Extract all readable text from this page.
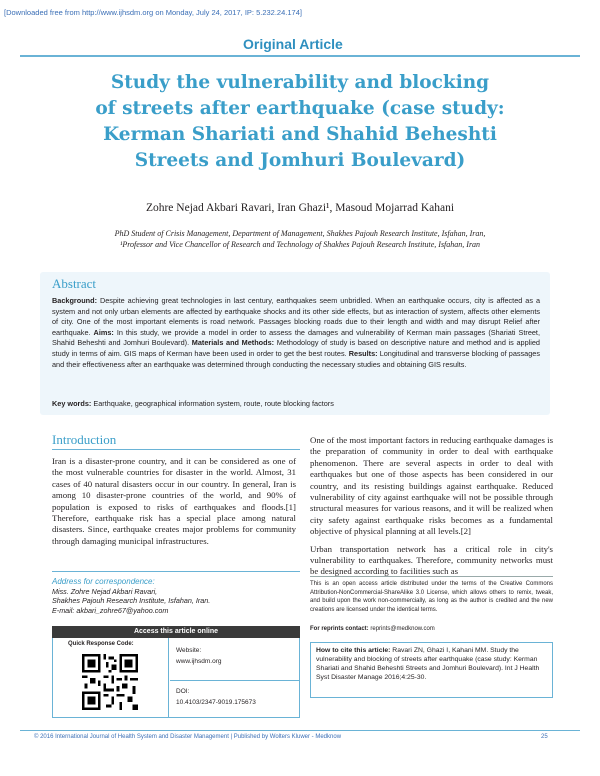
[Downloaded free from http://www.ijhsdm.org on Monday, July 24, 2017, IP: 5.232.24.174]
Original Article
Study the vulnerability and blocking
of streets after earthquake (case study:
Kerman Shariati and Shahid Beheshti
Streets and Jomhuri Boulevard)
Zohre Nejad Akbari Ravari, Iran Ghazi¹, Masoud Mojarrad Kahani
PhD Student of Crisis Management, Department of Management, Shakhes Pajouh Research Institute, Isfahan, Iran,
¹Professor and Vice Chancellor of Research and Technology of Shakhes Pajouh Research Institute, Isfahan, Iran
Abstract
Background: Despite achieving great technologies in last century, earthquakes seem unbridled. When an earthquake occurs, city is affected as a system and not only urban elements are affected by earthquake shocks and its other side effects, but as interaction of system, affects other elements of city. One of the most important elements is road network. Passages blocking roads due to their length and width and may disrupt Relief after earthquake. Aims: In this study, we provide a model in order to assess the damages and vulnerability of Kerman main passages (Shariati Street, Shahid Beheshti and Jomhuri Boulevard). Materials and Methods: Methodology of study is based on descriptive nature and method and is applied study in terms of aim. GIS maps of Kerman have been used in order to get the best routes. Results: Longitudinal and transverse blocking of passages and their effectiveness after an earthquake was determined through conducting the necessary studies and obtaining GIS results.
Key words: Earthquake, geographical information system, route, route blocking factors
Introduction
Iran is a disaster-prone country, and it can be considered as one of the most vulnerable countries for disaster in the world. Almost, 31 cases of 40 natural disasters occur in our country. In general, Iran is among 10 disaster-prone countries of the world, and 90% of population is exposed to risks of earthquakes and floods.[1] Therefore, earthquake risk has a special place among natural disasters. Since, earthquake creates major problems for community through damaging municipal infrastructures.

One of the most important factors in reducing earthquake damages is the preparation of community in order to deal with earthquake phenomenon. There are several aspects in order to deal with earthquakes but one of those aspects has been considered in our country, and its resisting buildings against earthquake. Reduced vulnerability of city against earthquake will not be possible through structural measures for various reasons, and it will be realized when city safety against earthquake risks becomes as a fundamental objective of physical planning at all levels.[2]

Urban transportation network has a critical role in city's vulnerability to earthquakes. Therefore, community networks must be designed according to facilities such as

Address for correspondence:
Miss. Zohre Nejad Akbari Ravari,
Shakhes Pajouh Research Institute, Isfahan, Iran.
E-mail: akbari_zohre67@yahoo.com
Access this article online
Quick Response Code:
Website:
www.ijhsdm.org
DOI:
10.4103/2347-9019.175673
This is an open access article distributed under the terms of the Creative Commons Attribution-NonCommercial-ShareAlike 3.0 License, which allows others to remix, tweak, and build upon the work non-commercially, as long as the author is credited and the new creations are licensed under the identical terms.
For reprints contact: reprints@medknow.com
How to cite this article: Ravari ZN, Ghazi I, Kahani MM. Study the vulnerability and blocking of streets after earthquake (case study: Kerman Shariati and Shahid Beheshti Streets and Jomhuri Boulevard). Int J Health Syst Disaster Manage 2016;4:25-30.
© 2016 International Journal of Health System and Disaster Management | Published by Wolters Kluwer - Medknow	25
